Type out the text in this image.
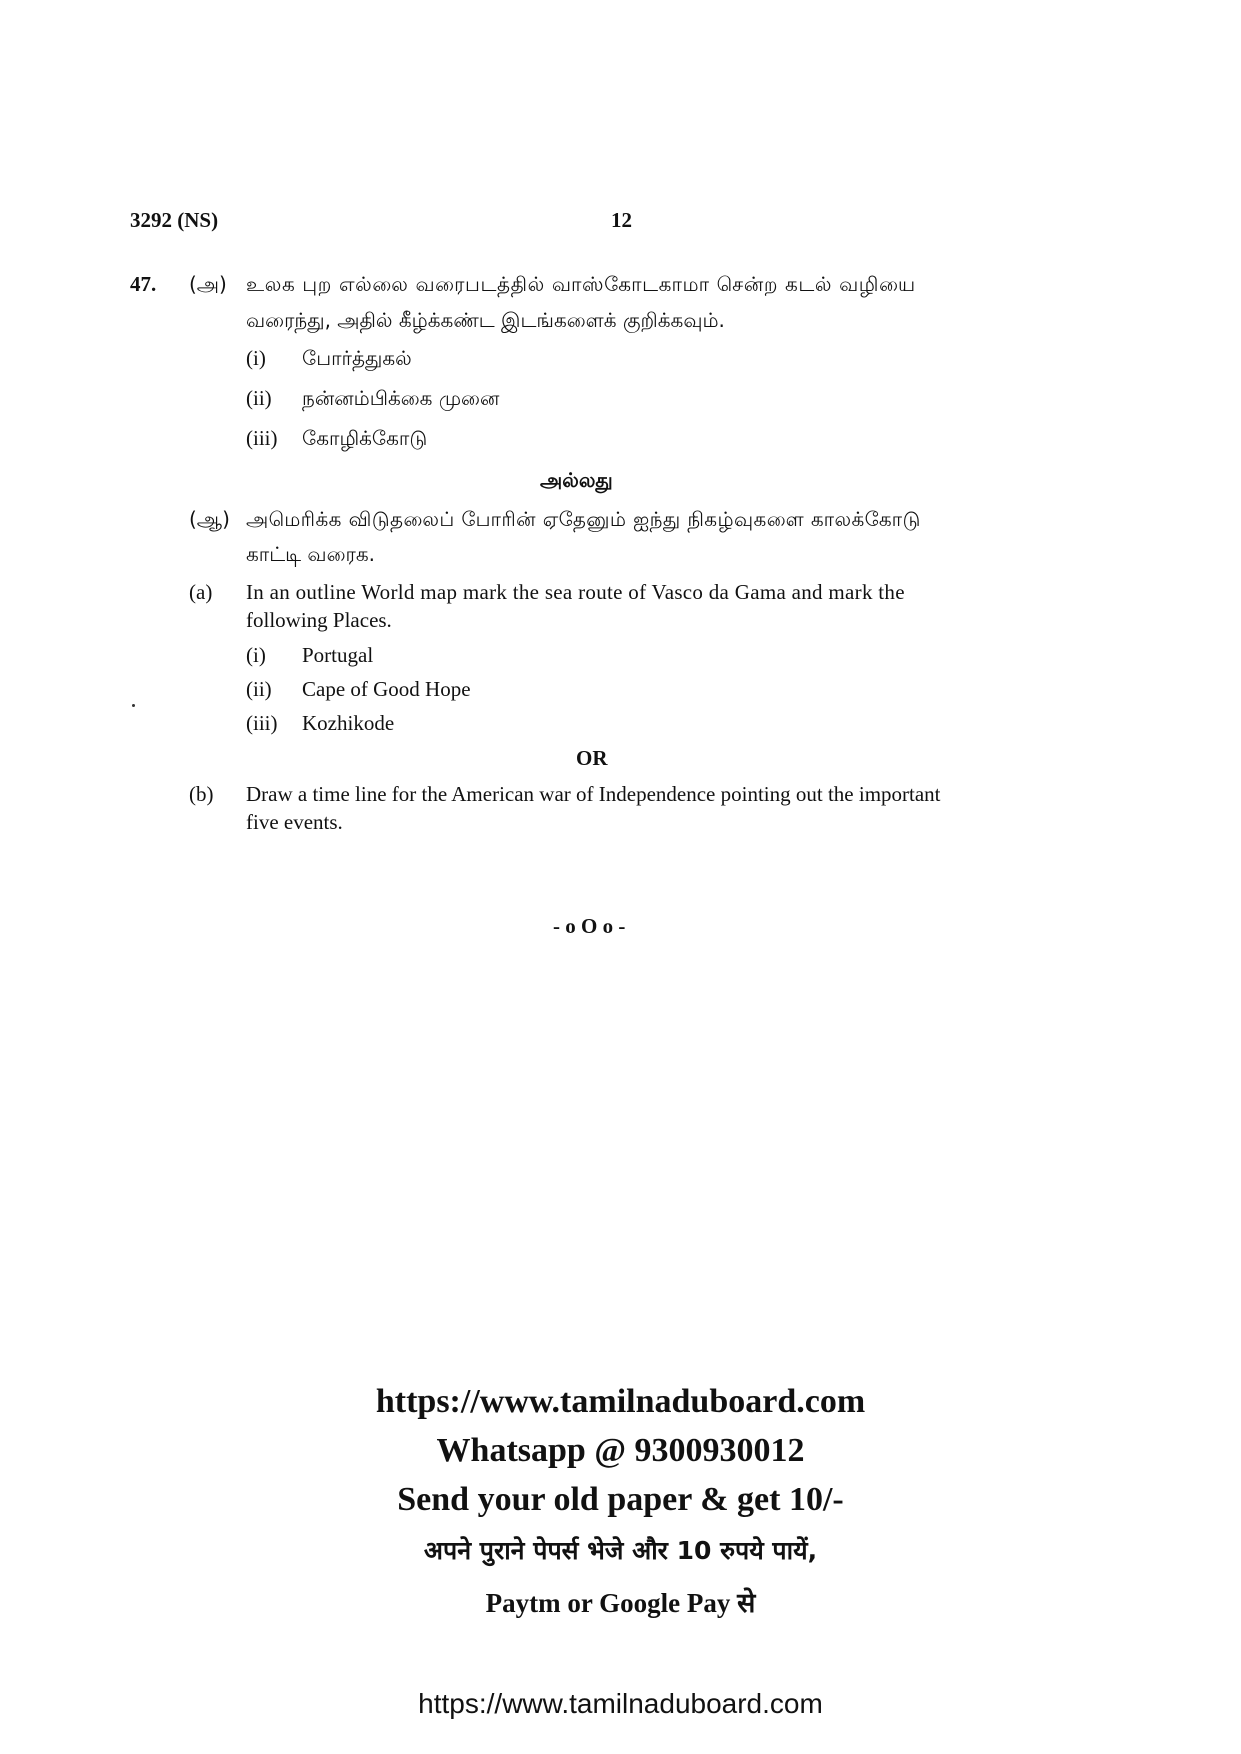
3292 (NS)	12
47. (அ) உலக புற எல்லை வரைபடத்தில் வாஸ்கோடகாமா சென்ற கடல் வழியை
வரைந்து, அதில் கீழ்க்கண்ட இடங்களைக் குறிக்கவும்.
(i) போர்த்துகல்
(ii) நன்னம்பிக்கை முனை
(iii) கோழிக்கோடு
அல்லது
(ஆ) அமெரிக்க விடுதலைப் போரின் ஏதேனும் ஐந்து நிகழ்வுகளை காலக்கோடு
காட்டி வரைக.
(a) In an outline World map mark the sea route of Vasco da Gama and mark the
following Places.
(i) Portugal
(ii) Cape of Good Hope
(iii) Kozhikode
OR
(b) Draw a time line for the American war of Independence pointing out the important
five events.
- o O o -
https://www.tamilnaduboard.com
Whatsapp @ 9300930012
Send your old paper & get 10/-
अपने पुराने पेपर्स भेजे और 10 रुपये पायें,
Paytm or Google Pay से
https://www.tamilnaduboard.com
